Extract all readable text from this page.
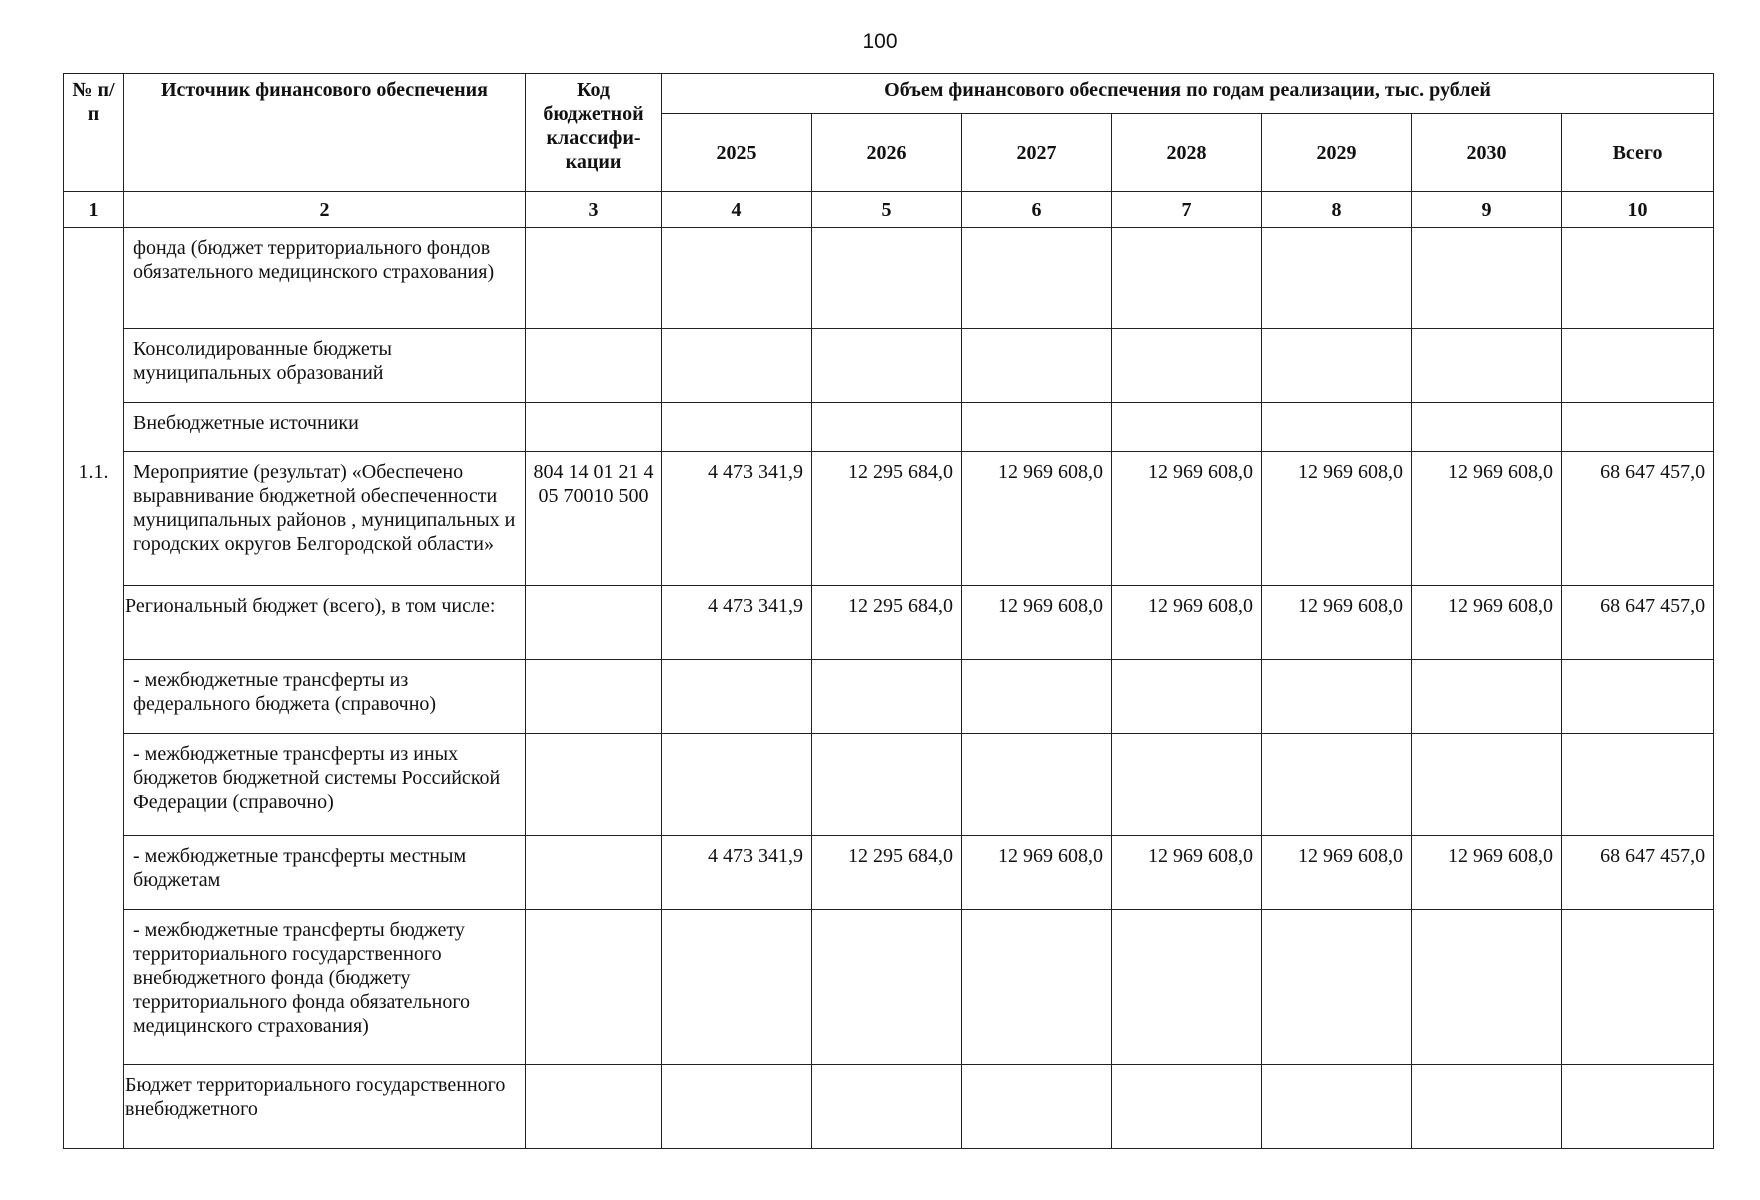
100
№ п/п	Источник финансового обеспечения	Код бюджетной классифи-кации	Объем финансового обеспечения по годам реализации, тыс. рублей						
			2025	2026	2027	2028	2029	2030	Всего
1	2	3	4	5	6	7	8	9	10
	фонда (бюджет территориального фондов обязательного медицинского страхования)								
	Консолидированные бюджеты муниципальных образований								
	Внебюджетные источники								
1.1.	Мероприятие (результат) «Обеспечено выравнивание бюджетной обеспеченности муниципальных районов , муниципальных и городских округов Белгородской области»	804 14 01 21 4 05 70010 500	4 473 341,9	12 295 684,0	12 969 608,0	12 969 608,0	12 969 608,0	12 969 608,0	68 647 457,0
	Региональный бюджет (всего), в том числе:		4 473 341,9	12 295 684,0	12 969 608,0	12 969 608,0	12 969 608,0	12 969 608,0	68 647 457,0
	- межбюджетные трансферты из федерального бюджета (справочно)								
	- межбюджетные трансферты из иных бюджетов бюджетной системы Российской Федерации (справочно)								
	- межбюджетные трансферты местным бюджетам		4 473 341,9	12 295 684,0	12 969 608,0	12 969 608,0	12 969 608,0	12 969 608,0	68 647 457,0
	- межбюджетные трансферты бюджету территориального государственного внебюджетного фонда (бюджету территориального фонда обязательного медицинского страхования)								
	Бюджет территориального государственного внебюджетного								
